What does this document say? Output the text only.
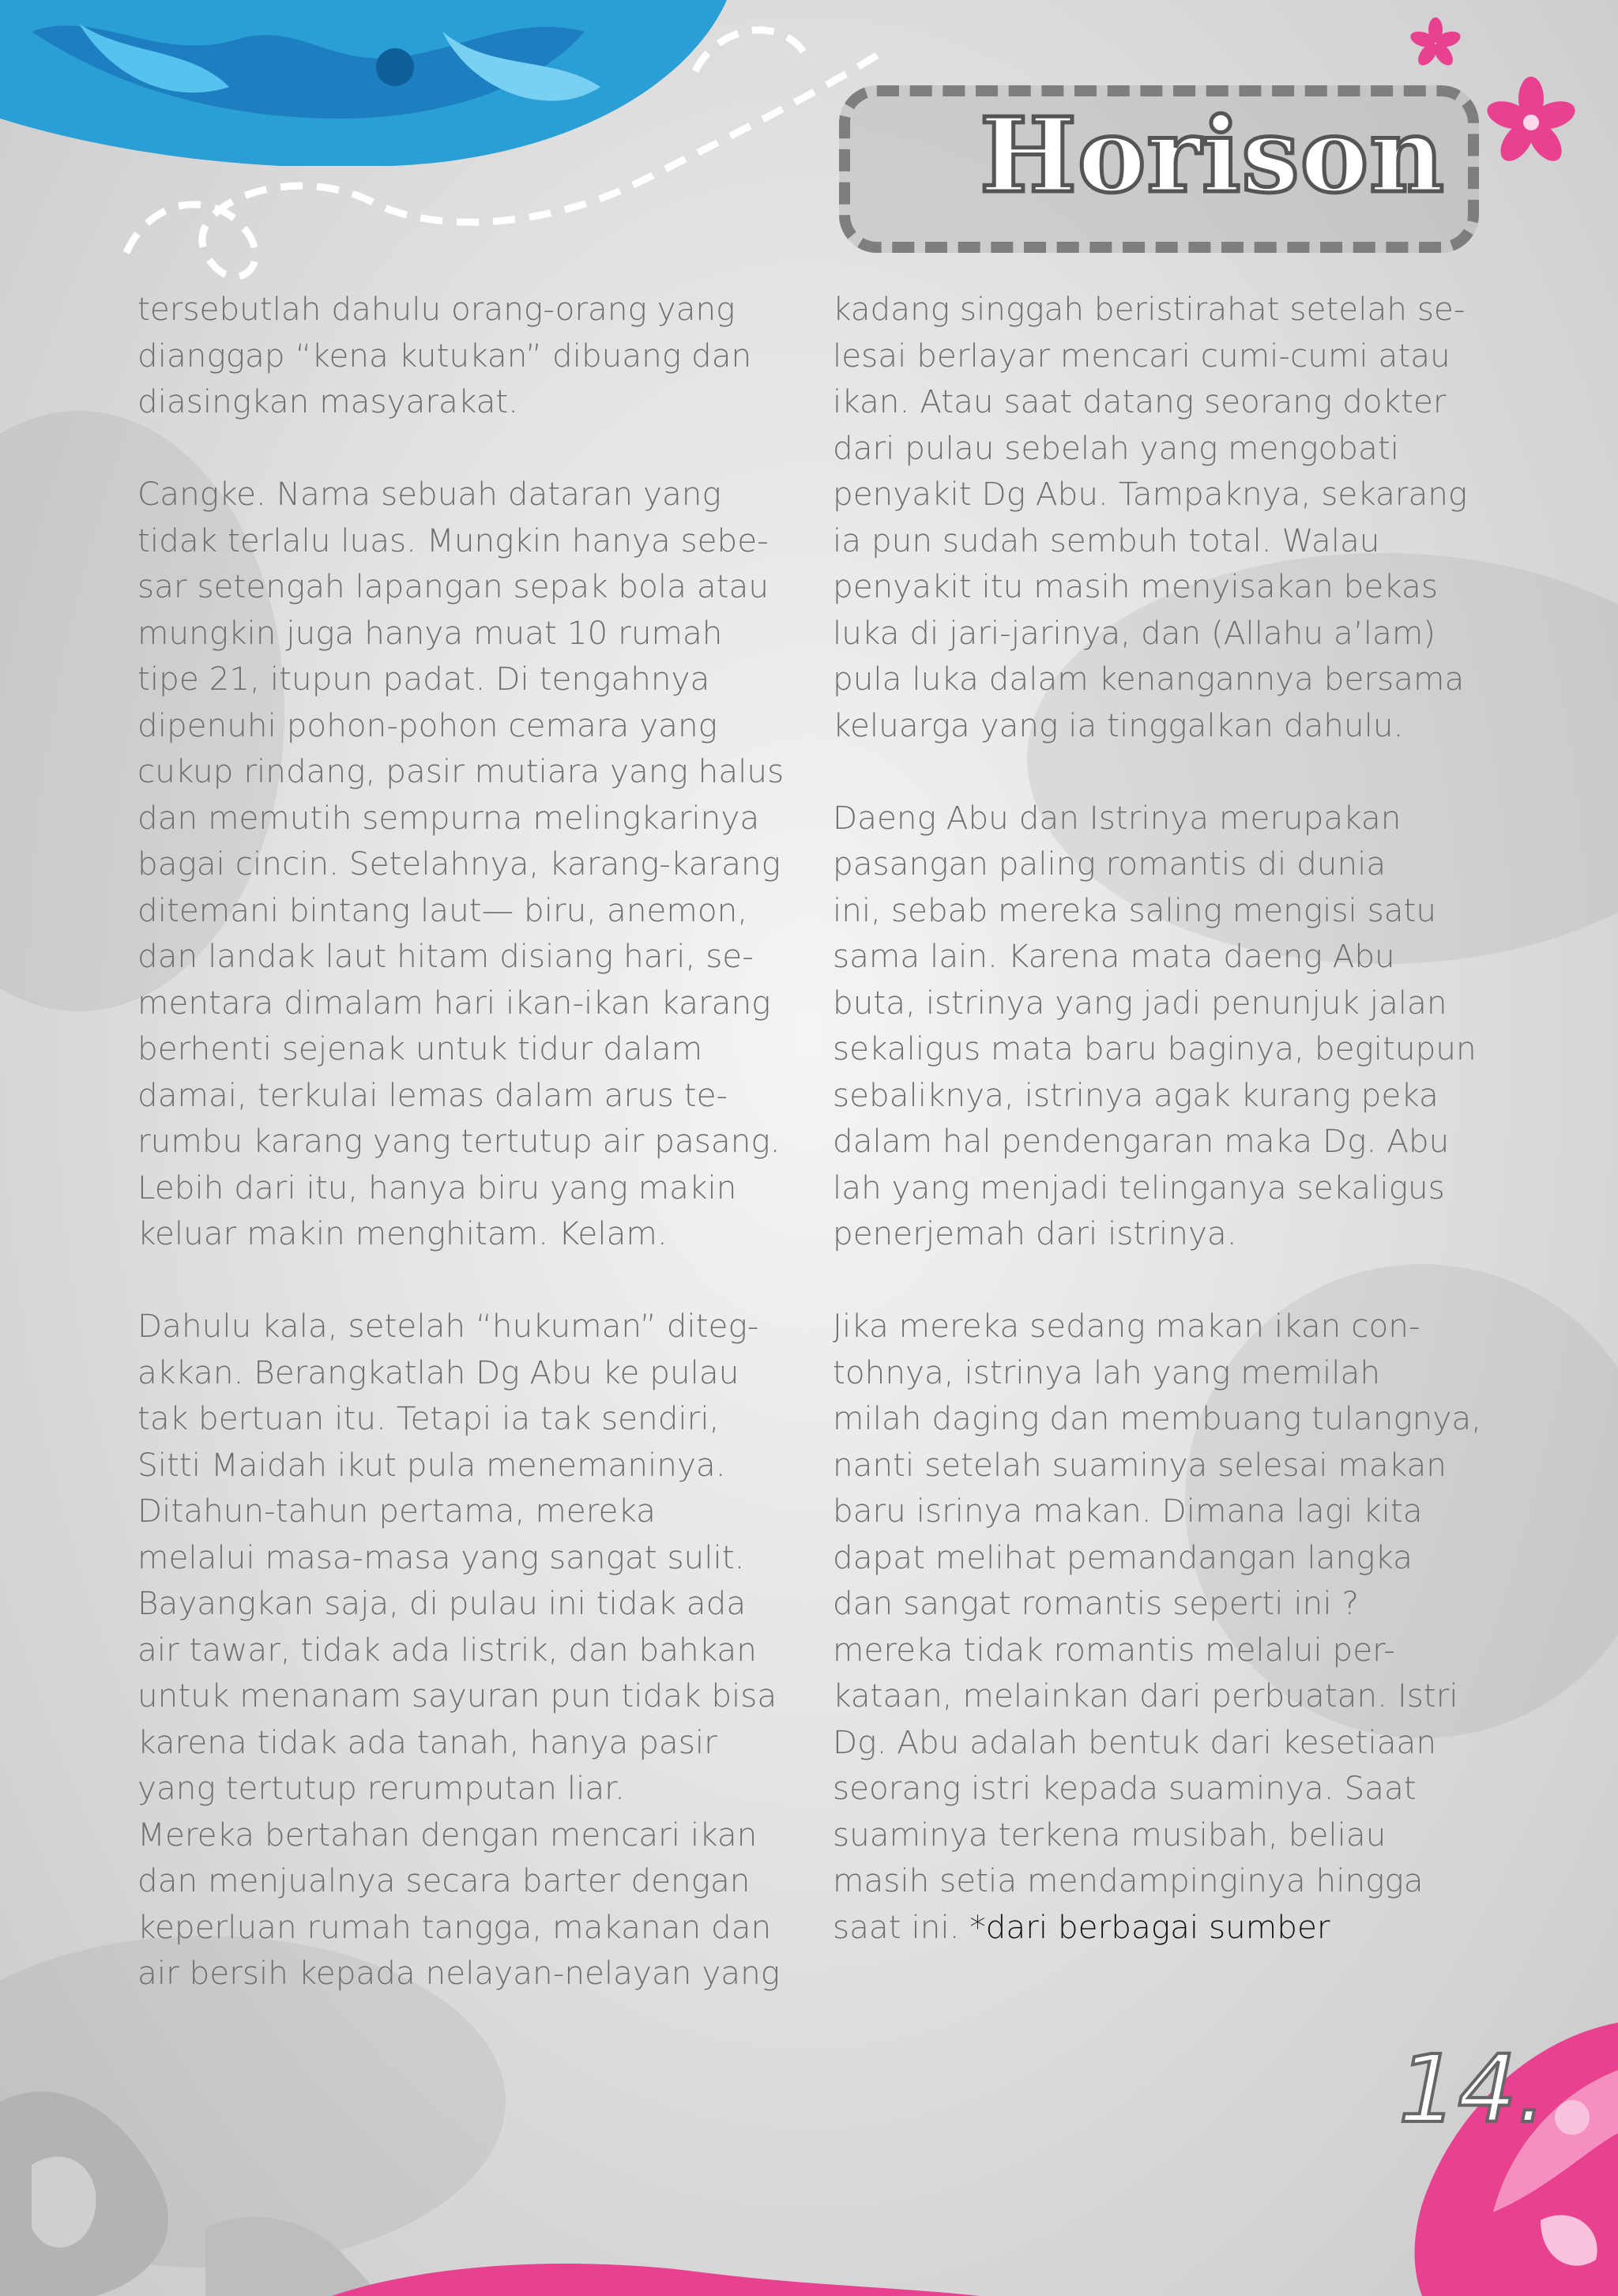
Horison

tersebutlah dahulu orang-orang yang
dianggap “kena kutukan” dibuang dan
diasingkan masyarakat.

Cangke. Nama sebuah dataran yang
tidak terlalu luas. Mungkin hanya sebe-
sar setengah lapangan sepak bola atau
mungkin juga hanya muat 10 rumah
tipe 21, itupun padat. Di tengahnya
dipenuhi pohon-pohon cemara yang
cukup rindang, pasir mutiara yang halus
dan memutih sempurna melingkarinya
bagai cincin. Setelahnya, karang-karang
ditemani bintang laut— biru, anemon,
dan landak laut hitam disiang hari, se-
mentara dimalam hari ikan-ikan karang
berhenti sejenak untuk tidur dalam
damai, terkulai lemas dalam arus te-
rumbu karang yang tertutup air pasang.
Lebih dari itu, hanya biru yang makin
keluar makin menghitam. Kelam.

Dahulu kala, setelah “hukuman” diteg-
akkan. Berangkatlah Dg Abu ke pulau
tak bertuan itu. Tetapi ia tak sendiri,
Sitti Maidah ikut pula menemaninya.
Ditahun-tahun pertama, mereka
melalui masa-masa yang sangat sulit.
Bayangkan saja, di pulau ini tidak ada
air tawar, tidak ada listrik, dan bahkan
untuk menanam sayuran pun tidak bisa
karena tidak ada tanah, hanya pasir
yang tertutup rerumputan liar.
Mereka bertahan dengan mencari ikan
dan menjualnya secara barter dengan
keperluan rumah tangga, makanan dan
air bersih kepada nelayan-nelayan yang

kadang singgah beristirahat setelah se-
lesai berlayar mencari cumi-cumi atau
ikan. Atau saat datang seorang dokter
dari pulau sebelah yang mengobati
penyakit Dg Abu. Tampaknya, sekarang
ia pun sudah sembuh total. Walau
penyakit itu masih menyisakan bekas
luka di jari-jarinya, dan (Allahu a’lam)
pula luka dalam kenangannya bersama
keluarga yang ia tinggalkan dahulu.

Daeng Abu dan Istrinya merupakan
pasangan paling romantis di dunia
ini, sebab mereka saling mengisi satu
sama lain. Karena mata daeng Abu
buta, istrinya yang jadi penunjuk jalan
sekaligus mata baru baginya, begitupun
sebaliknya, istrinya agak kurang peka
dalam hal pendengaran maka Dg. Abu
lah yang menjadi telinganya sekaligus
penerjemah dari istrinya.

Jika mereka sedang makan ikan con-
tohnya, istrinya lah yang memilah
milah daging dan membuang tulangnya,
nanti setelah suaminya selesai makan
baru isrinya makan. Dimana lagi kita
dapat melihat pemandangan langka
dan sangat romantis seperti ini ?
mereka tidak romantis melalui per-
kataan, melainkan dari perbuatan. Istri
Dg. Abu adalah bentuk dari kesetiaan
seorang istri kepada suaminya. Saat
suaminya terkena musibah, beliau
masih setia mendampinginya hingga
saat ini. *dari berbagai sumber

14.
